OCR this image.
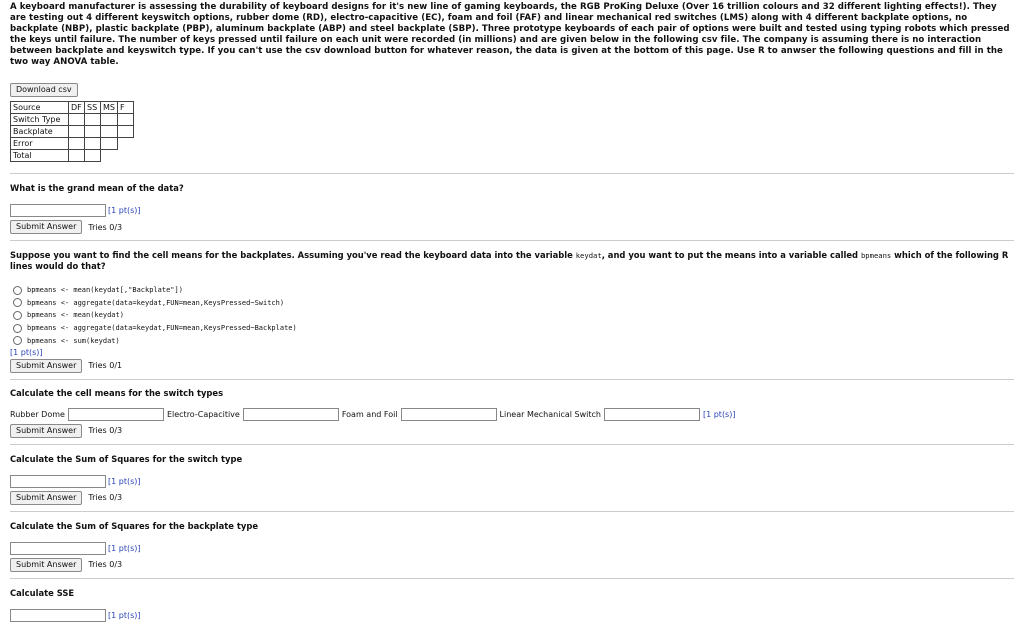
A keyboard manufacturer is assessing the durability of keyboard designs for it's new line of gaming keyboards, the RGB ProKing Deluxe (Over 16 trillion colours and 32 different lighting effects!). They are testing out 4 different keyswitch options, rubber dome (RD), electro-capacitive (EC), foam and foil (FAF) and linear mechanical red switches (LMS) along with 4 different backplate options, no backplate (NBP), plastic backplate (PBP), aluminum backplate (ABP) and steel backplate (SBP). Three prototype keyboards of each pair of options were built and tested using typing robots which pressed the keys until failure. The number of keys pressed until failure on each unit were recorded (in millions) and are given below in the following csv file. The company is assuming there is no interaction between backplate and keyswitch type. If you can't use the csv download button for whatever reason, the data is given at the bottom of this page. Use R to anwser the following questions and fill in the two way ANOVA table.
Download csv
Source	DF	SS	MS	F
Switch Type				
Backplate				
Error				
Total				
What is the grand mean of the data?
[1 pt(s)]
Submit Answer	Tries 0/3
Suppose you want to find the cell means for the backplates. Assuming you've read the keyboard data into the variable keydat, and you want to put the means into a variable called bpmeans which of the following R lines would do that?
bpmeans <- mean(keydat[,"Backplate"])
bpmeans <- aggregate(data=keydat,FUN=mean,KeysPressed~Switch)
bpmeans <- mean(keydat)
bpmeans <- aggregate(data=keydat,FUN=mean,KeysPressed~Backplate)
bpmeans <- sum(keydat)
[1 pt(s)]
Submit Answer	Tries 0/1
Calculate the cell means for the switch types
Rubber Dome	Electro-Capacitive	Foam and Foil	Linear Mechanical Switch	[1 pt(s)]
Submit Answer	Tries 0/3
Calculate the Sum of Squares for the switch type
[1 pt(s)]
Submit Answer	Tries 0/3
Calculate the Sum of Squares for the backplate type
[1 pt(s)]
Submit Answer	Tries 0/3
Calculate SSE
[1 pt(s)]
